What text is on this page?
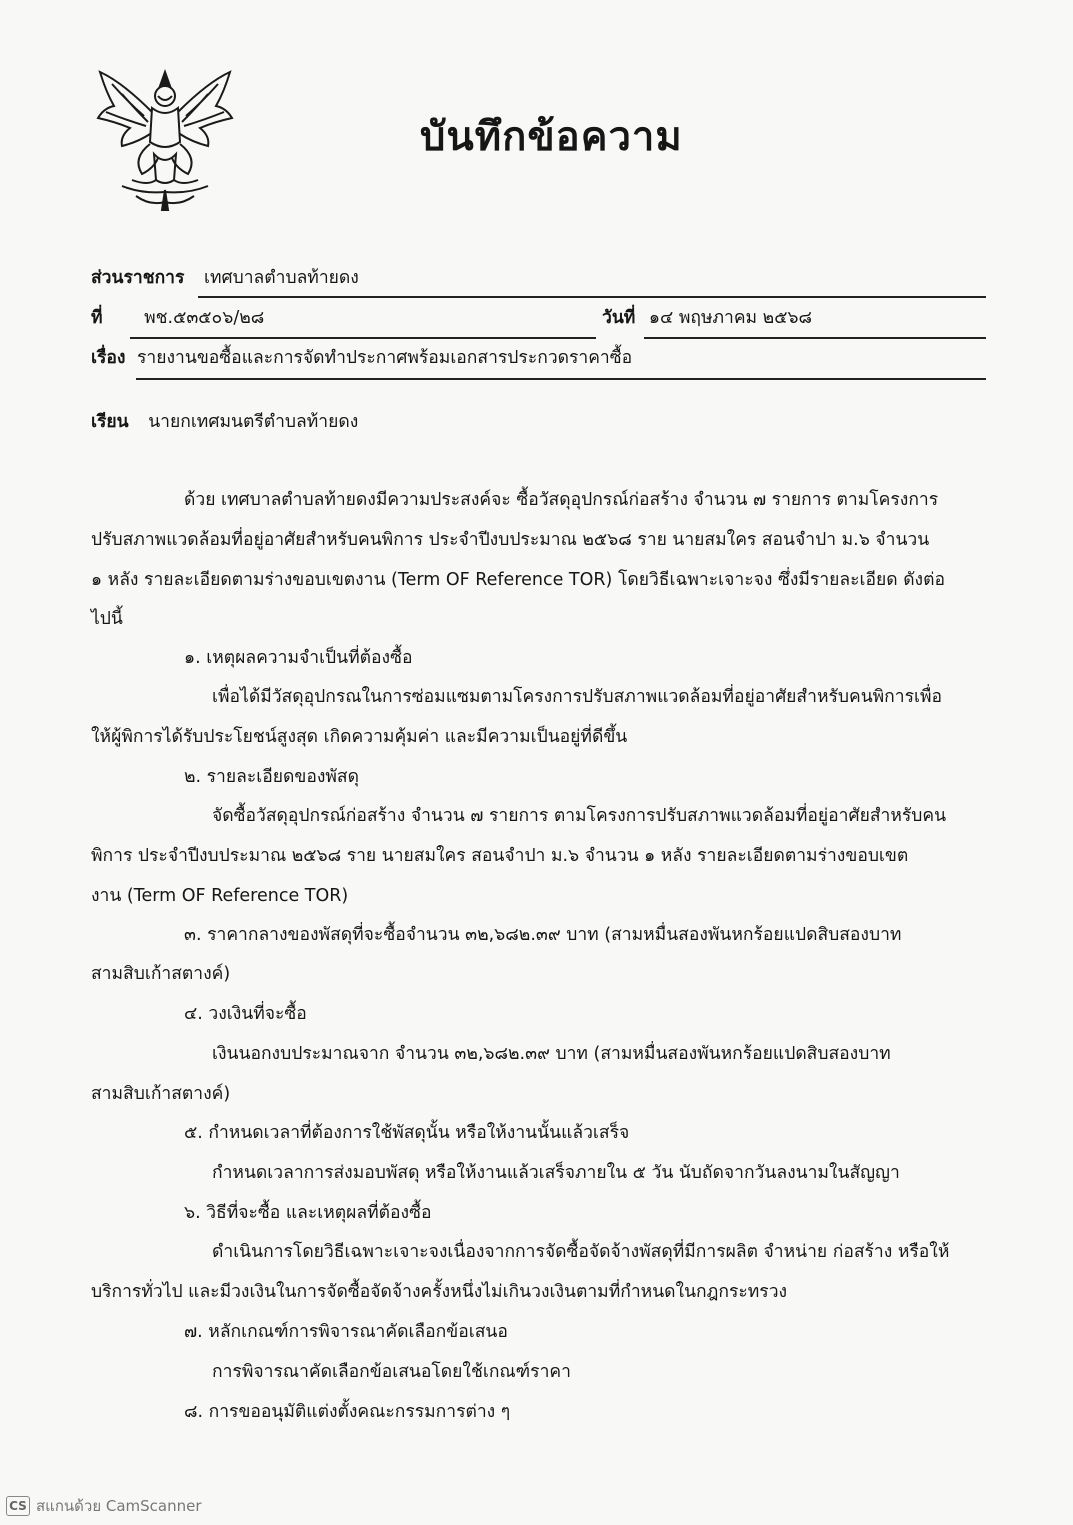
บันทึกข้อความ
ส่วนราชการ เทศบาลตำบลท้ายดง
ที่ พช.๕๓๕๐๖/๒๘	วันที่ ๑๔ พฤษภาคม ๒๕๖๘
เรื่อง รายงานขอซื้อและการจัดทำประกาศพร้อมเอกสารประกวดราคาซื้อ
เรียน นายกเทศมนตรีตำบลท้ายดง
ด้วย เทศบาลตำบลท้ายดงมีความประสงค์จะ ซื้อวัสดุอุปกรณ์ก่อสร้าง จำนวน ๗ รายการ ตามโครงการ
ปรับสภาพแวดล้อมที่อยู่อาศัยสำหรับคนพิการ ประจำปีงบประมาณ ๒๕๖๘ ราย นายสมใคร สอนจำปา ม.๖ จำนวน
๑ หลัง รายละเอียดตามร่างขอบเขตงาน (Term OF Reference TOR) โดยวิธีเฉพาะเจาะจง ซึ่งมีรายละเอียด ดังต่อ
ไปนี้
๑. เหตุผลความจำเป็นที่ต้องซื้อ
เพื่อได้มีวัสดุอุปกรณในการซ่อมแซมตามโครงการปรับสภาพแวดล้อมที่อยู่อาศัยสำหรับคนพิการเพื่อ
ให้ผู้พิการได้รับประโยชน์สูงสุด เกิดความคุ้มค่า และมีความเป็นอยู่ที่ดีขึ้น
๒. รายละเอียดของพัสดุ
จัดซื้อวัสดุอุปกรณ์ก่อสร้าง จำนวน ๗ รายการ ตามโครงการปรับสภาพแวดล้อมที่อยู่อาศัยสำหรับคน
พิการ ประจำปีงบประมาณ ๒๕๖๘ ราย นายสมใคร สอนจำปา ม.๖ จำนวน ๑ หลัง รายละเอียดตามร่างขอบเขต
งาน (Term OF Reference TOR)
๓. ราคากลางของพัสดุที่จะซื้อจำนวน ๓๒,๖๘๒.๓๙ บาท (สามหมื่นสองพันหกร้อยแปดสิบสองบาท
สามสิบเก้าสตางค์)
๔. วงเงินที่จะซื้อ
เงินนอกงบประมาณจาก จำนวน ๓๒,๖๘๒.๓๙ บาท (สามหมื่นสองพันหกร้อยแปดสิบสองบาท
สามสิบเก้าสตางค์)
๕. กำหนดเวลาที่ต้องการใช้พัสดุนั้น หรือให้งานนั้นแล้วเสร็จ
กำหนดเวลาการส่งมอบพัสดุ หรือให้งานแล้วเสร็จภายใน ๕ วัน นับถัดจากวันลงนามในสัญญา
๖. วิธีที่จะซื้อ และเหตุผลที่ต้องซื้อ
ดำเนินการโดยวิธีเฉพาะเจาะจงเนื่องจากการจัดซื้อจัดจ้างพัสดุที่มีการผลิต จำหน่าย ก่อสร้าง หรือให้
บริการทั่วไป และมีวงเงินในการจัดซื้อจัดจ้างครั้งหนึ่งไม่เกินวงเงินตามที่กำหนดในกฎกระทรวง
๗. หลักเกณฑ์การพิจารณาคัดเลือกข้อเสนอ
การพิจารณาคัดเลือกข้อเสนอโดยใช้เกณฑ์ราคา
๘. การขออนุมัติแต่งตั้งคณะกรรมการต่าง ๆ
CS สแกนด้วย CamScanner
